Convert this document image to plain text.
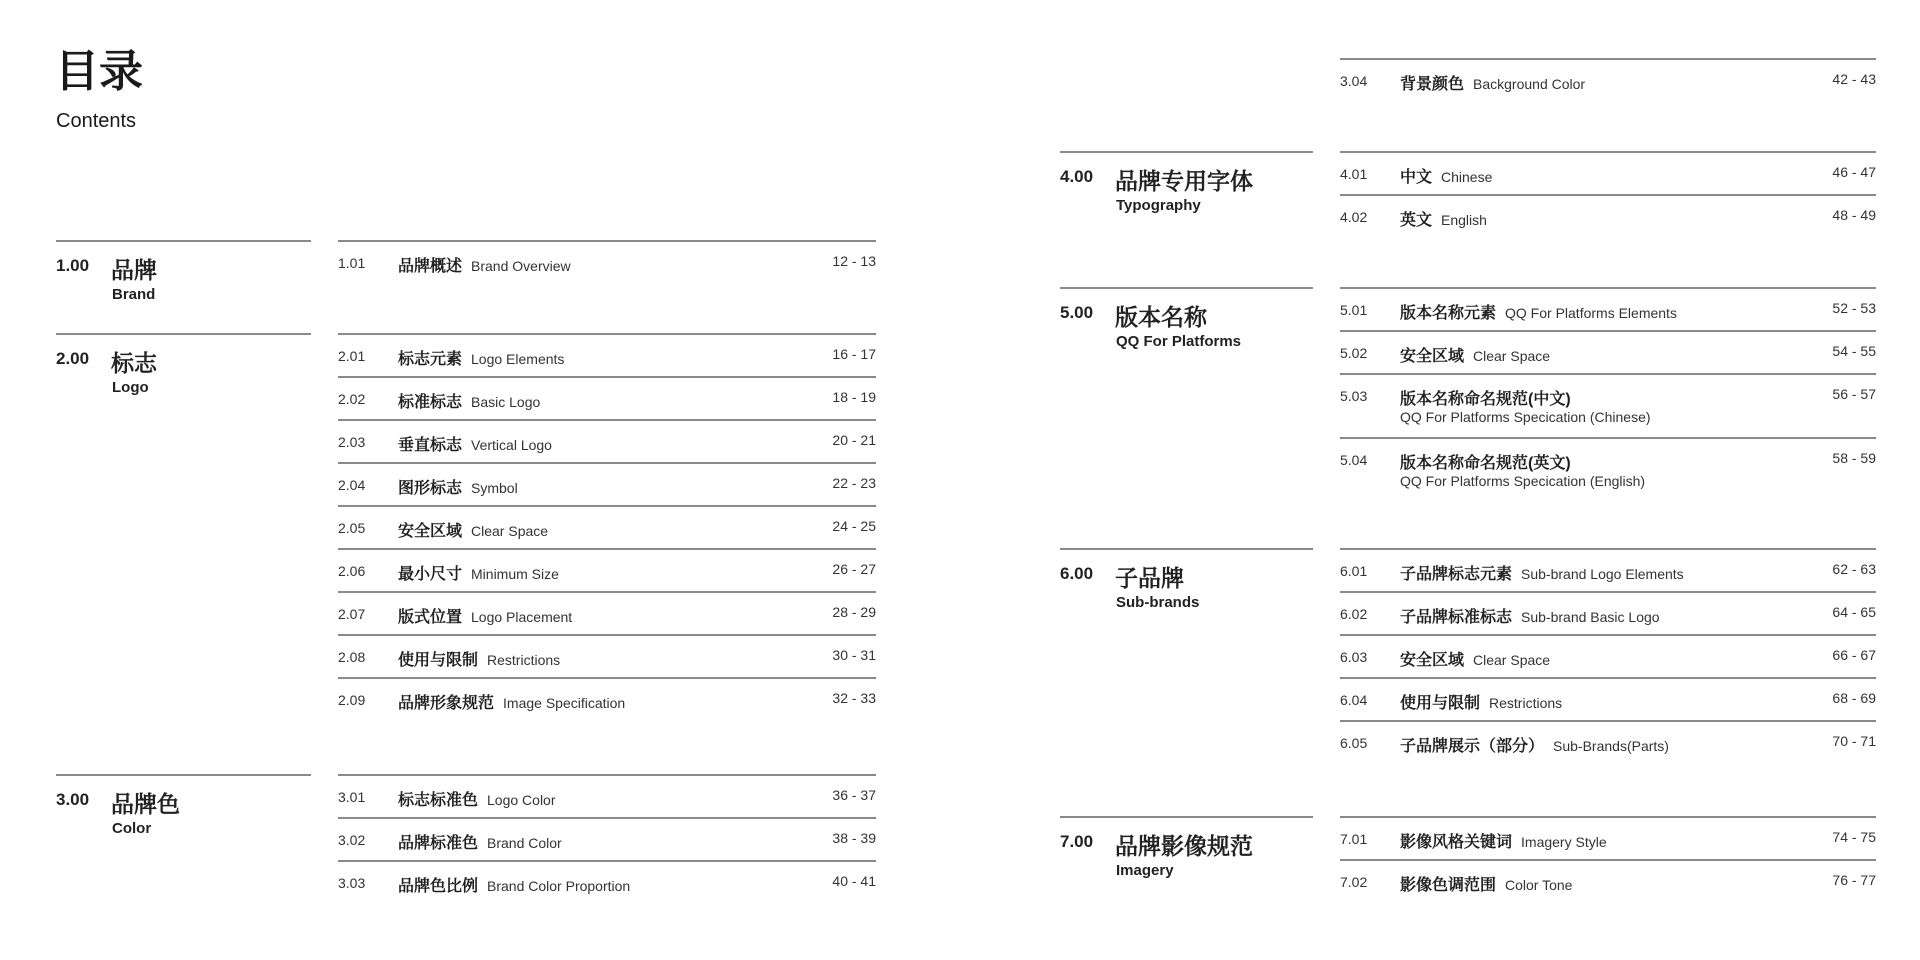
目录
Contents
1.00 品牌
Brand
1.01 品牌概述 Brand Overview	12 - 13
2.00 标志
Logo
2.01 标志元素 Logo Elements	16 - 17
2.02 标准标志 Basic Logo	18 - 19
2.03 垂直标志 Vertical Logo	20 - 21
2.04 图形标志 Symbol	22 - 23
2.05 安全区域 Clear Space	24 - 25
2.06 最小尺寸 Minimum Size	26 - 27
2.07 版式位置 Logo Placement	28 - 29
2.08 使用与限制 Restrictions	30 - 31
2.09 品牌形象规范 Image Specification	32 - 33
3.00 品牌色
Color
3.01 标志标准色 Logo Color	36 - 37
3.02 品牌标准色 Brand Color	38 - 39
3.03 品牌色比例 Brand Color Proportion	40 - 41
3.04 背景颜色 Background Color	42 - 43
4.00 品牌专用字体
Typography
4.01 中文 Chinese	46 - 47
4.02 英文 English	48 - 49
5.00 版本名称
QQ For Platforms
5.01 版本名称元素 QQ For Platforms Elements	52 - 53
5.02 安全区域 Clear Space	54 - 55
5.03 版本名称命名规范(中文)
QQ For Platforms Specication (Chinese)
56 - 57
5.04 版本名称命名规范(英文)
QQ For Platforms Specication (English)
58 - 59
6.00 子品牌
Sub-brands
6.01 子品牌标志元素 Sub-brand Logo Elements	62 - 63
6.02 子品牌标准标志 Sub-brand Basic Logo	64 - 65
6.03 安全区域 Clear Space	66 - 67
6.04 使用与限制 Restrictions	68 - 69
6.05 子品牌展示（部分） Sub-Brands(Parts)	70 - 71
7.00 品牌影像规范
Imagery
7.01 影像风格关键词 Imagery Style	74 - 75
7.02 影像色调范围 Color Tone	76 - 77
